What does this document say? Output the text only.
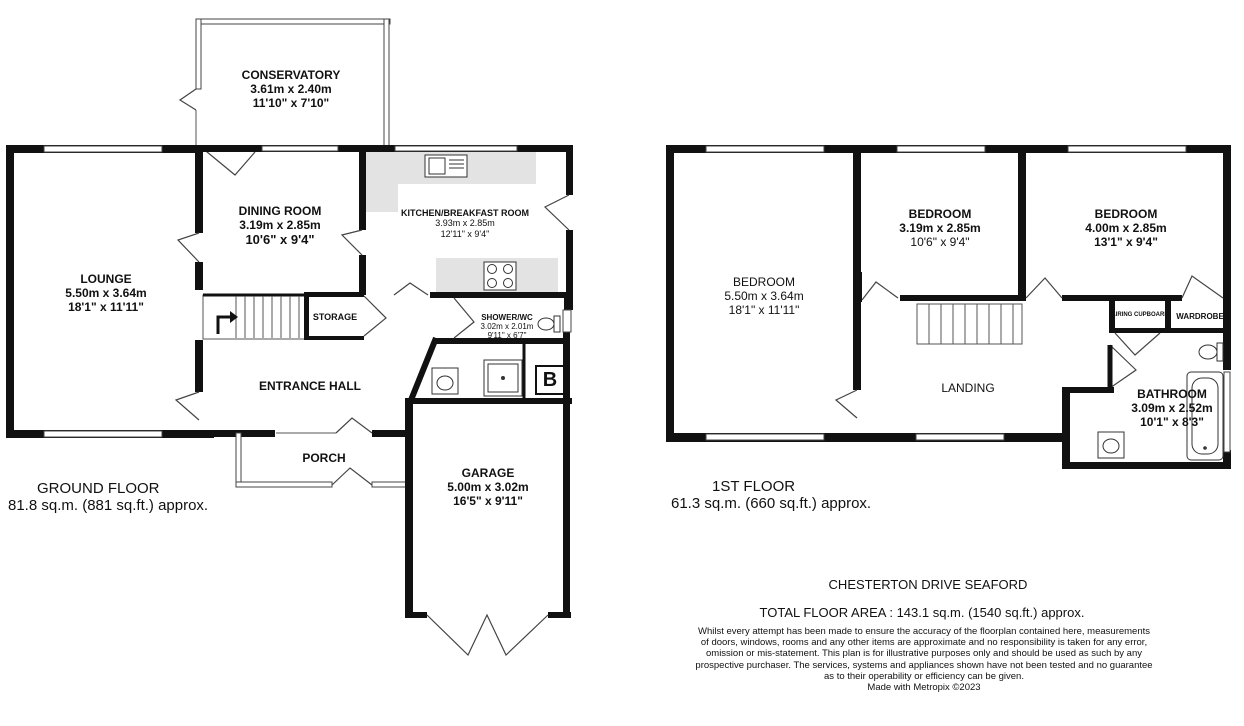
CONSERVATORY
3.61m x 2.40m
11'10" x 7'10"
DINING ROOM
3.19m x 2.85m
10'6" x 9'4"
KITCHEN/BREAKFAST ROOM
3.93m x 2.85m
12'11" x 9'4"
LOUNGE
5.50m x 3.64m
18'1" x 11'11"
STORAGE	SHOWER/WC
3.02m x 2.01m
9'11" x 6'7"
ENTRANCE HALL
PORCH
GARAGE
5.00m x 3.02m
16'5" x 9'11"
B
GROUND FLOOR
81.8 sq.m. (881 sq.ft.) approx.
BEDROOM
5.50m x 3.64m
18'1" x 11'11"
BEDROOM
3.19m x 2.85m
10'6" x 9'4"
BEDROOM
4.00m x 2.85m
13'1" x 9'4"
LANDING
AIRING CUPBOARD WARDROBE
BATHROOM
3.09m x 2.52m
10'1" x 8'3"
1ST FLOOR
61.3 sq.m. (660 sq.ft.) approx.
CHESTERTON DRIVE SEAFORD
TOTAL FLOOR AREA : 143.1 sq.m. (1540 sq.ft.) approx.
Whilst every attempt has been made to ensure the accuracy of the floorplan contained here, measurements
of doors, windows, rooms and any other items are approximate and no responsibility is taken for any error,
omission or mis-statement. This plan is for illustrative purposes only and should be used as such by any
prospective purchaser. The services, systems and appliances shown have not been tested and no guarantee
as to their operability or efficiency can be given.
Made with Metropix ©2023
